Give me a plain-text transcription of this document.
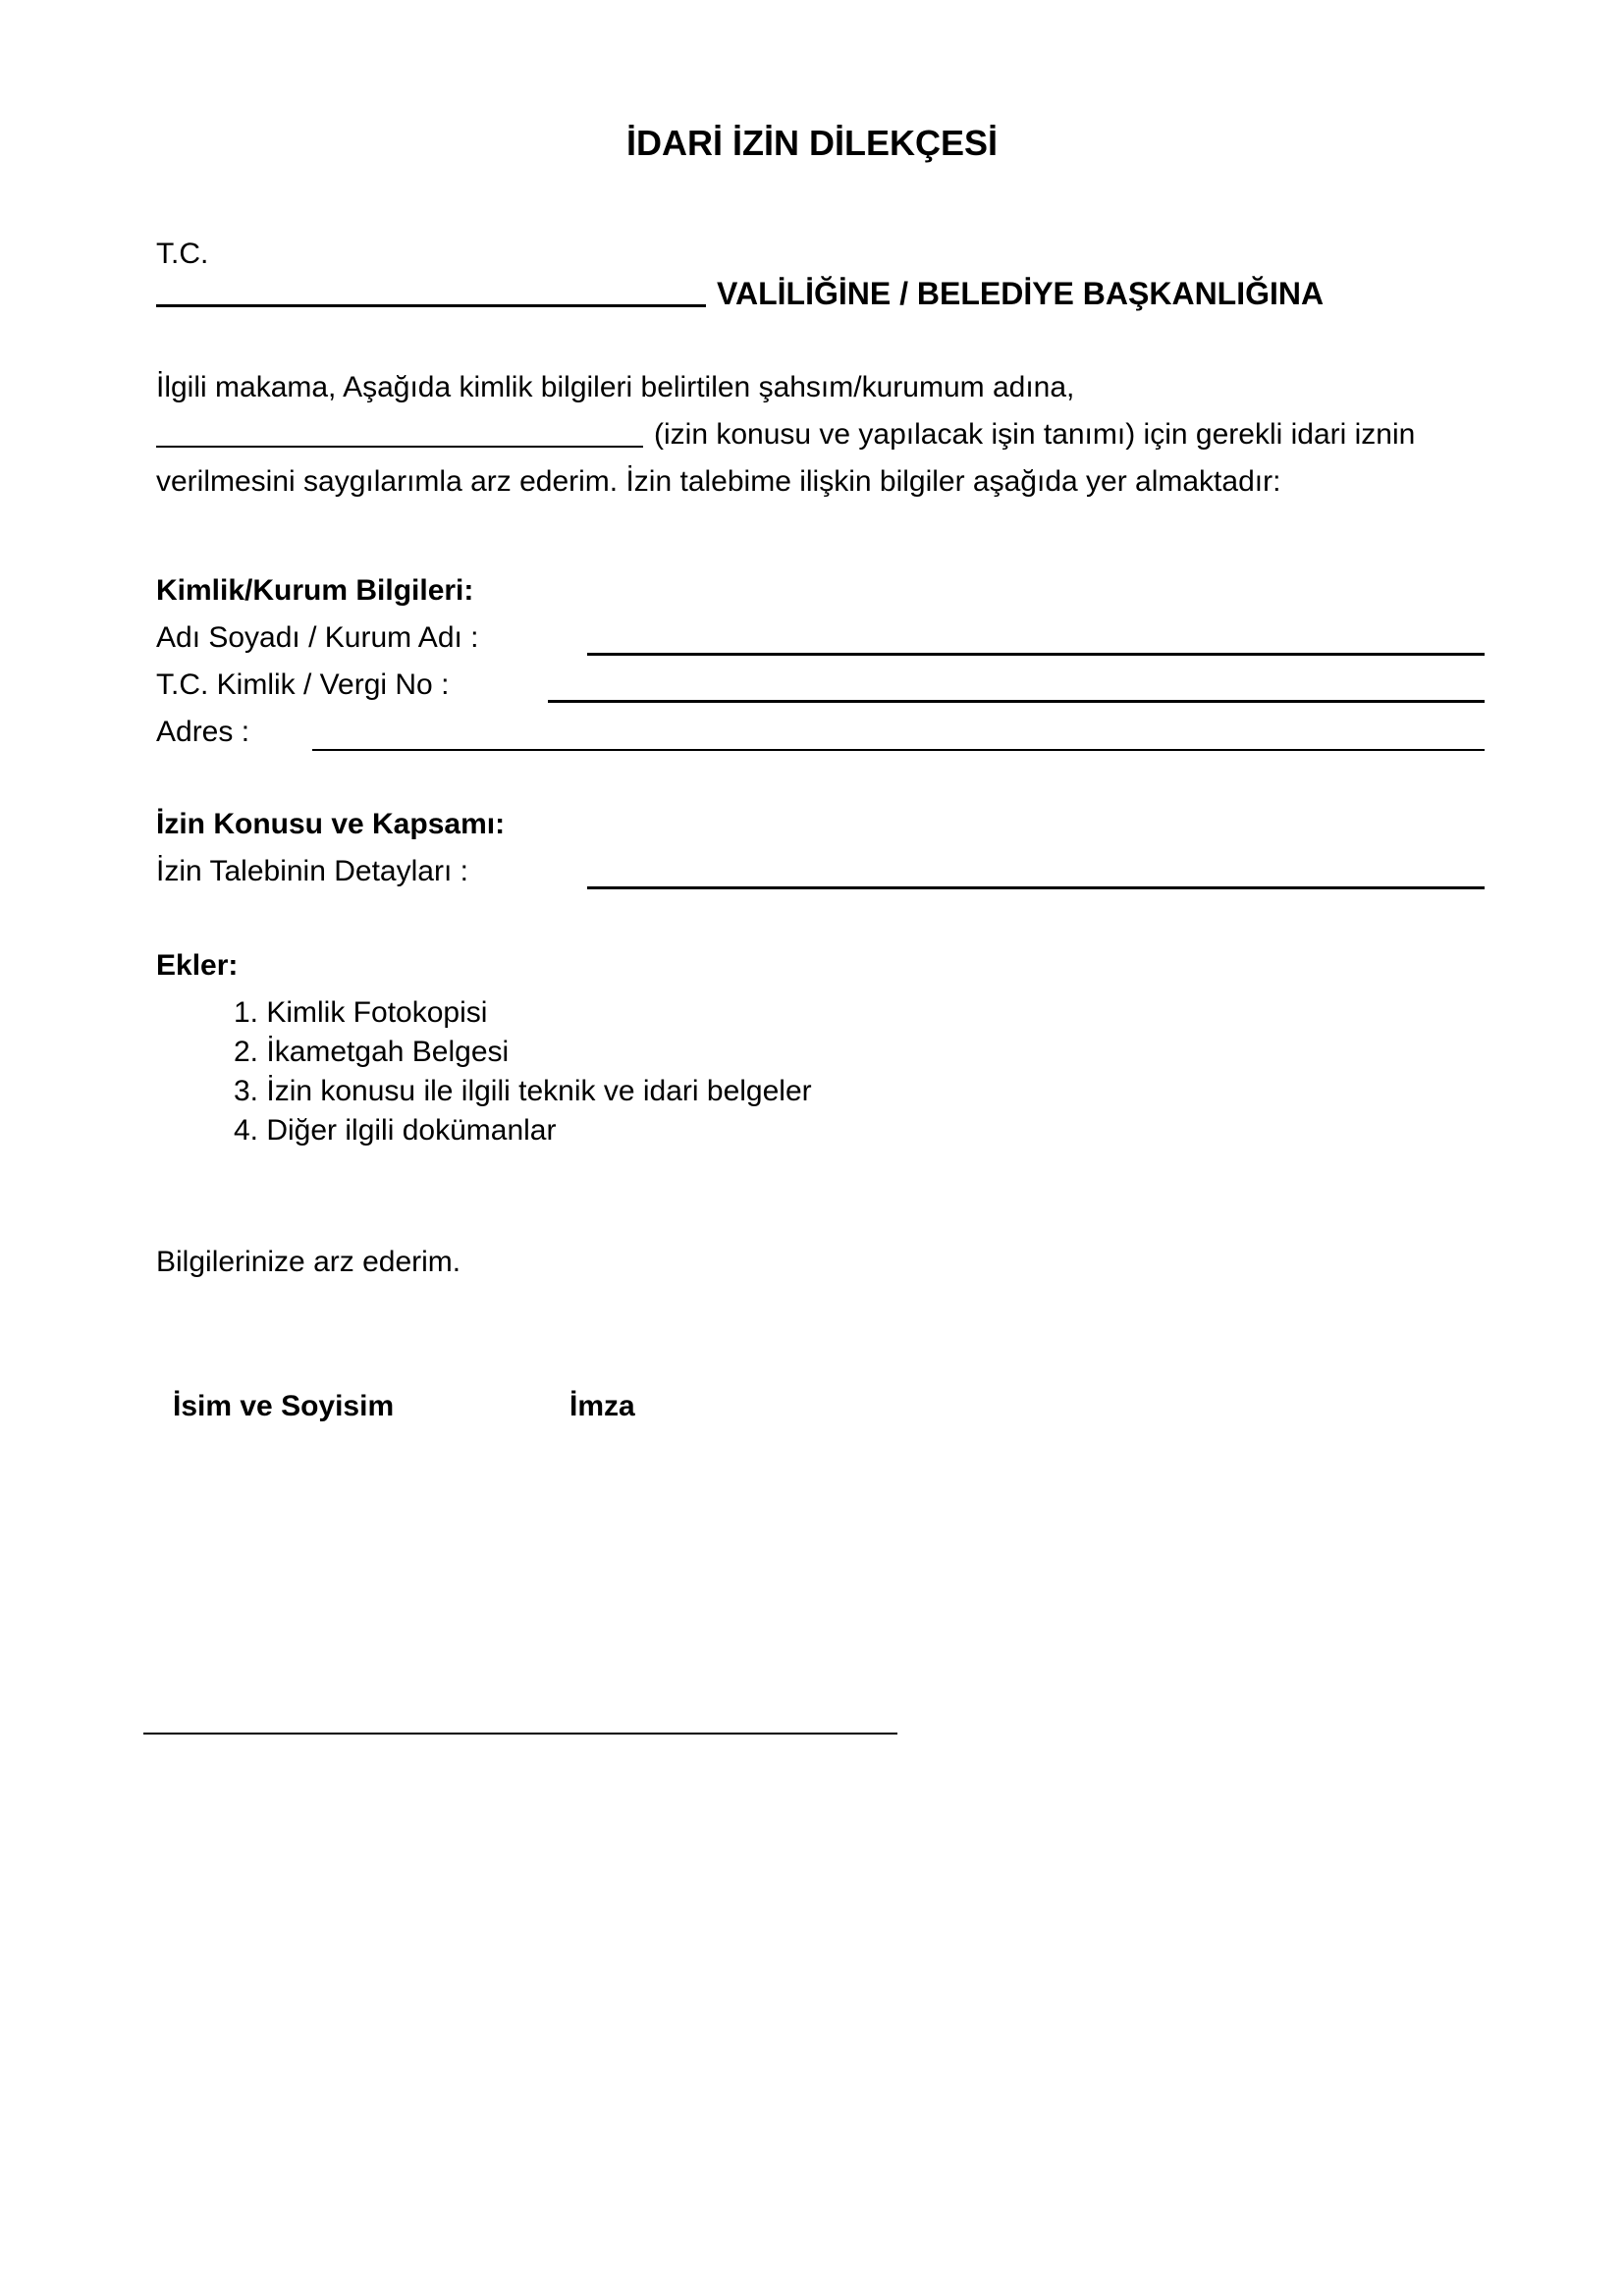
İDARİ İZİN DİLEKÇESİ
T.C.
VALİLİĞİNE / BELEDİYE BAŞKANLIĞINA
İlgili makama, Aşağıda kimlik bilgileri belirtilen şahsım/kurumum adına,
(izin konusu ve yapılacak işin tanımı) için gerekli idari iznin
verilmesini saygılarımla arz ederim. İzin talebime ilişkin bilgiler aşağıda yer almaktadır:
Kimlik/Kurum Bilgileri:
Adı Soyadı / Kurum Adı :
T.C. Kimlik / Vergi No :
Adres :
İzin Konusu ve Kapsamı:
İzin Talebinin Detayları :
Ekler:
1. Kimlik Fotokopisi
2. İkametgah Belgesi
3. İzin konusu ile ilgili teknik ve idari belgeler
4. Diğer ilgili dokümanlar
Bilgilerinize arz ederim.
İsim ve Soyisim	İmza
